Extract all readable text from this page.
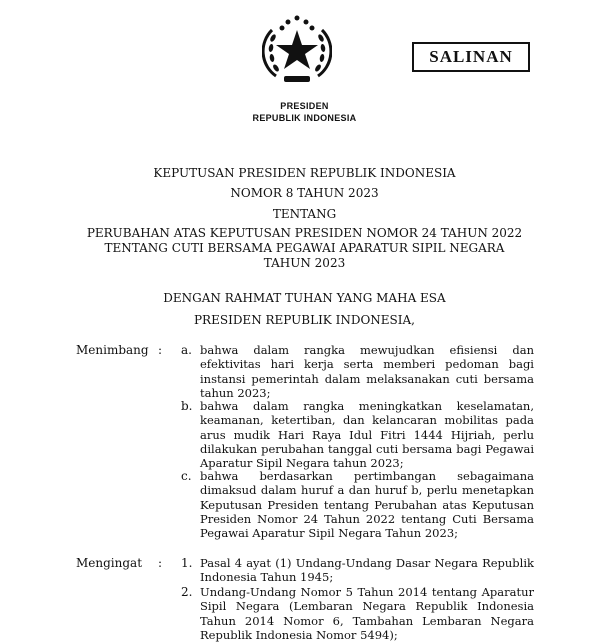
SALINAN
PRESIDEN
REPUBLIK INDONESIA
KEPUTUSAN PRESIDEN REPUBLIK INDONESIA
NOMOR 8 TAHUN 2023
TENTANG
PERUBAHAN ATAS KEPUTUSAN PRESIDEN NOMOR 24 TAHUN 2022
TENTANG CUTI BERSAMA PEGAWAI APARATUR SIPIL NEGARA
TAHUN 2023
DENGAN RAHMAT TUHAN YANG MAHA ESA
PRESIDEN REPUBLIK INDONESIA,
Menimbang : a. bahwa dalam rangka mewujudkan efisiensi dan efektivitas hari kerja serta memberi pedoman bagi instansi pemerintah dalam melaksanakan cuti bersama tahun 2023;
b. bahwa dalam rangka meningkatkan keselamatan, keamanan, ketertiban, dan kelancaran mobilitas pada arus mudik Hari Raya Idul Fitri 1444 Hijriah, perlu dilakukan perubahan tanggal cuti bersama bagi Pegawai Aparatur Sipil Negara tahun 2023;
c. bahwa berdasarkan pertimbangan sebagaimana dimaksud dalam huruf a dan huruf b, perlu menetapkan Keputusan Presiden tentang Perubahan atas Keputusan Presiden Nomor 24 Tahun 2022 tentang Cuti Bersama Pegawai Aparatur Sipil Negara Tahun 2023;
Mengingat : 1. Pasal 4 ayat (1) Undang-Undang Dasar Negara Republik Indonesia Tahun 1945;
2. Undang-Undang Nomor 5 Tahun 2014 tentang Aparatur Sipil Negara (Lembaran Negara Republik Indonesia Tahun 2014 Nomor 6, Tambahan Lembaran Negara Republik Indonesia Nomor 5494);
